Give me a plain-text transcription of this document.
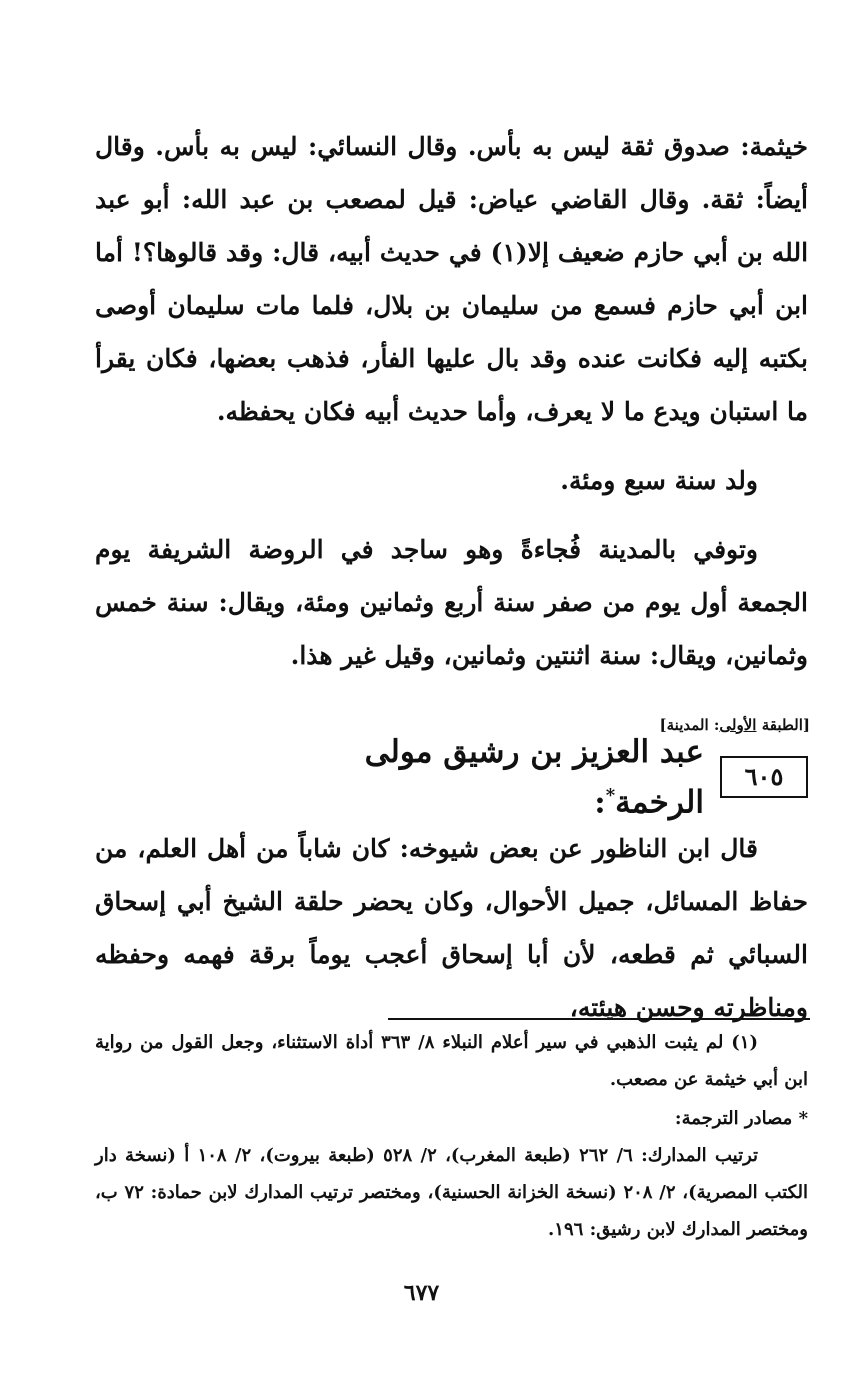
خيثمة: صدوق ثقة ليس به بأس. وقال النسائي: ليس به بأس. وقال أيضاً: ثقة. وقال القاضي عياض: قيل لمصعب بن عبد الله: أبو عبد الله بن أبي حازم ضعيف إلا(١) في حديث أبيه، قال: وقد قالوها؟! أما ابن أبي حازم فسمع من سليمان بن بلال، فلما مات سليمان أوصى بكتبه إليه فكانت عنده وقد بال عليها الفأر، فذهب بعضها، فكان يقرأ ما استبان ويدع ما لا يعرف، وأما حديث أبيه فكان يحفظه.

ولد سنة سبع ومئة.

وتوفي بالمدينة فُجاءةً وهو ساجد في الروضة الشريفة يوم الجمعة أول يوم من صفر سنة أربع وثمانين ومئة، ويقال: سنة خمس وثمانين، ويقال: سنة اثنتين وثمانين، وقيل غير هذا.

[الطبقة الأولى: المدينة]
٦٠٥
عبد العزيز بن رشيق مولى الرخمة*:

قال ابن الناظور عن بعض شيوخه: كان شاباً من أهل العلم، من حفاظ المسائل، جميل الأحوال، وكان يحضر حلقة الشيخ أبي إسحاق السبائي ثم قطعه، لأن أبا إسحاق أعجب يوماً برقة فهمه وحفظه ومناظرته وحسن هيئته،

(١) لم يثبت الذهبي في سير أعلام النبلاء ٨/ ٣٦٣ أداة الاستثناء، وجعل القول من رواية ابن أبي خيثمة عن مصعب.

* مصادر الترجمة:

ترتيب المدارك: ٦/ ٢٦٢ (طبعة المغرب)، ٢/ ٥٢٨ (طبعة بيروت)، ٢/ ١٠٨ أ (نسخة دار الكتب المصرية)، ٢/ ٢٠٨ (نسخة الخزانة الحسنية)، ومختصر ترتيب المدارك لابن حمادة: ٧٢ ب، ومختصر المدارك لابن رشيق: ١٩٦.

٦٧٧
